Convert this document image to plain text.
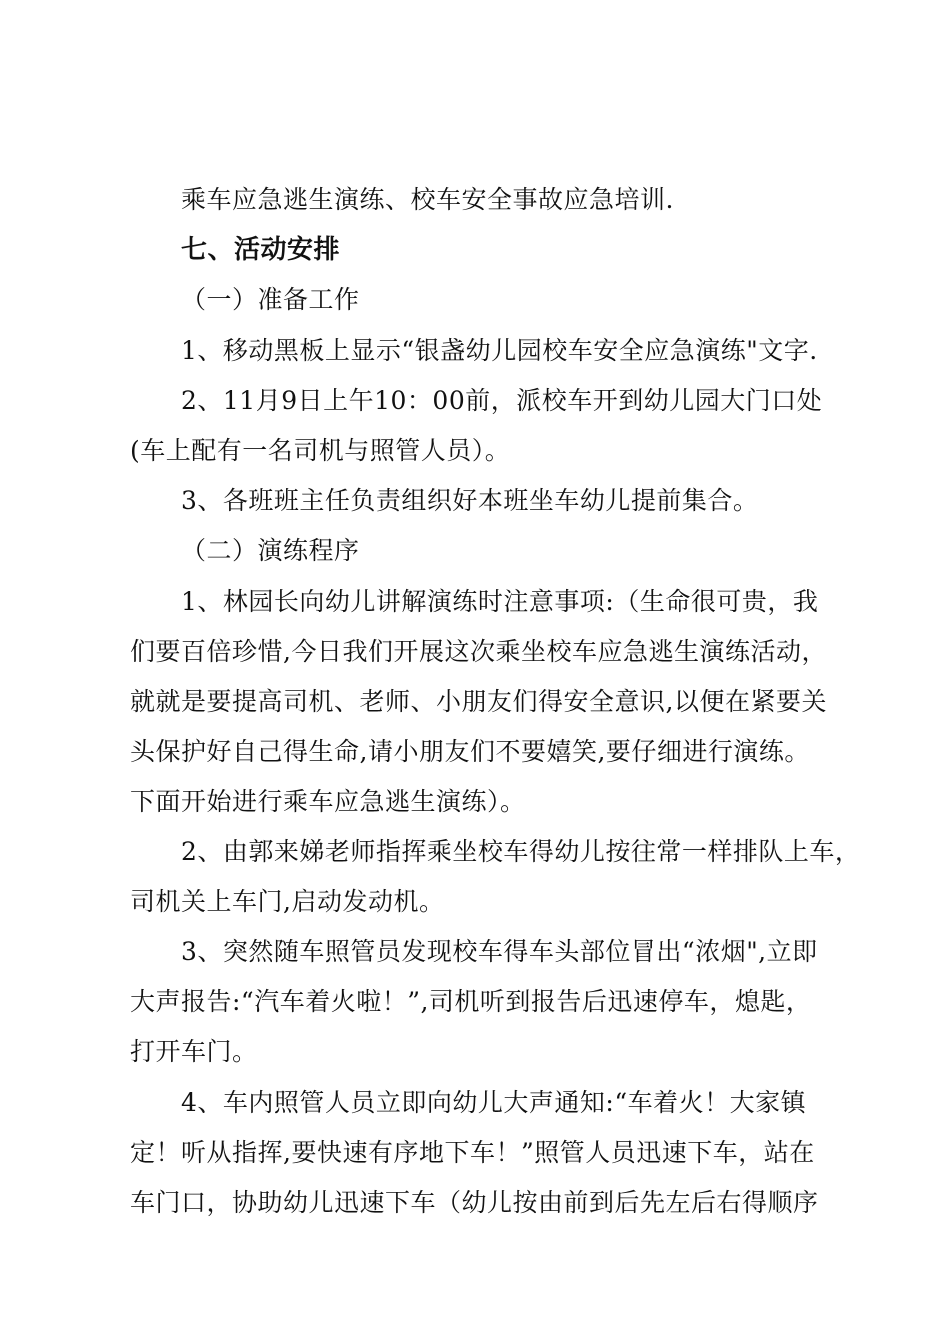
乘车应急逃生演练、校车安全事故应急培训.
七、活动安排
（一）准备工作
1、移动黑板上显示“银盏幼儿园校车安全应急演练"文字.
2、11月9日上午10：00前，派校车开到幼儿园大门口处
(车上配有一名司机与照管人员）。
3、各班班主任负责组织好本班坐车幼儿提前集合。
（二）演练程序
1、林园长向幼儿讲解演练时注意事项:（生命很可贵，我
们要百倍珍惜,今日我们开展这次乘坐校车应急逃生演练活动，
就就是要提高司机、老师、小朋友们得安全意识,以便在紧要关
头保护好自己得生命,请小朋友们不要嬉笑,要仔细进行演练。
下面开始进行乘车应急逃生演练）。
2、由郭来娣老师指挥乘坐校车得幼儿按往常一样排队上车，
司机关上车门,启动发动机。
3、突然随车照管员发现校车得车头部位冒出“浓烟",立即
大声报告:“汽车着火啦！”,司机听到报告后迅速停车，熄匙，
打开车门。
4、车内照管人员立即向幼儿大声通知:“车着火！大家镇
定！听从指挥,要快速有序地下车！”照管人员迅速下车，站在
车门口，协助幼儿迅速下车（幼儿按由前到后先左后右得顺序
